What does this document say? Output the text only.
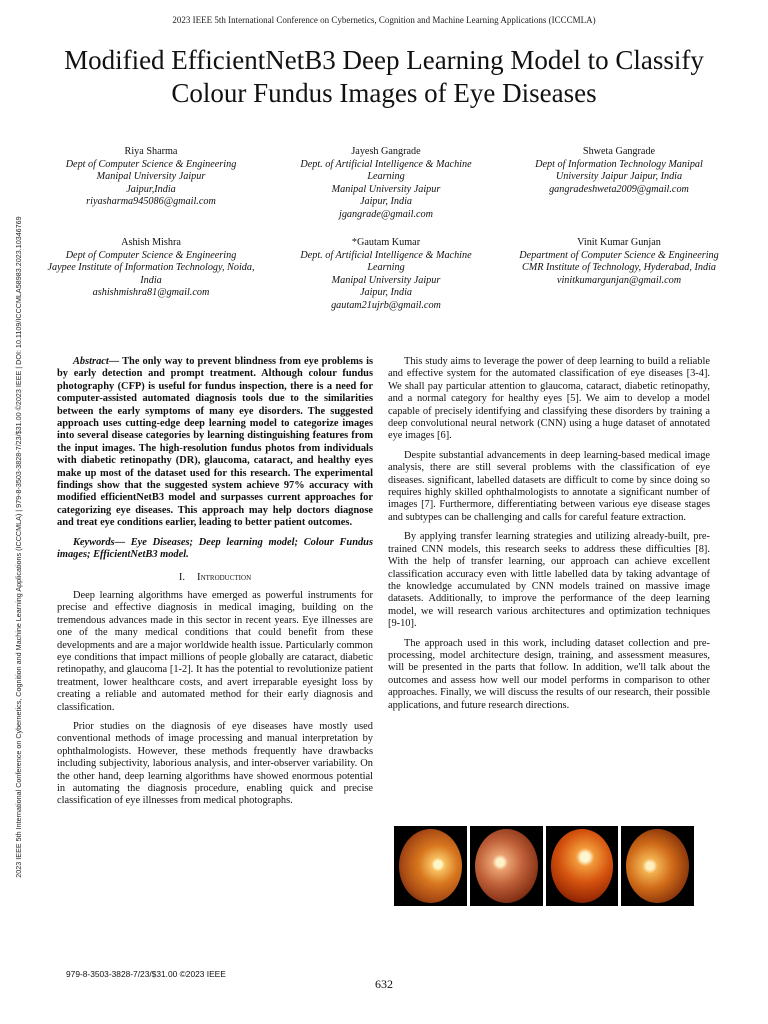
2023 IEEE 5th International Conference on Cybernetics, Cognition and Machine Learning Applications (ICCCMLA)
Modified EfficientNetB3 Deep Learning Model to Classify Colour Fundus Images of Eye Diseases
2023 IEEE 5th International Conference on Cybernetics, Cognition and Machine Learning Applications (ICCCMLA) | 979-8-3503-3828-7/23/$31.00 ©2023 IEEE | DOI: 10.1109/ICCCMLA58983.2023.10346769
Riya Sharma
Dept of Computer Science & Engineering
Manipal University Jaipur
Jaipur,India
riyasharma945086@gmail.com
Jayesh Gangrade
Dept. of Artificial Intelligence & Machine Learning
Manipal University Jaipur
Jaipur, India
jgangrade@gmail.com
Shweta Gangrade
Dept of Information Technology Manipal University Jaipur Jaipur, India
gangradeshweta2009@gmail.com
Ashish Mishra
Dept of Computer Science & Engineering
Jaypee Institute of Information Technology, Noida, India
ashishmishra81@gmail.com
*Gautam Kumar
Dept. of Artificial Intelligence & Machine Learning
Manipal University Jaipur
Jaipur, India
gautam21ujrb@gmail.com
Vinit Kumar Gunjan
Department of Computer Science & Engineering
CMR Institute of Technology, Hyderabad, India vinitkumargunjan@gmail.com

Abstract— The only way to prevent blindness from eye problems is by early detection and prompt treatment. Although colour fundus photography (CFP) is useful for fundus inspection, there is a need for computer-assisted automated diagnosis tools due to the similarities between the early symptoms of many eye disorders. The suggested approach uses cutting-edge deep learning model to categorize images into several disease categories by learning distinguishing features from the input images. The high-resolution fundus photos from individuals with diabetic retinopathy (DR), glaucoma, cataract, and healthy eyes make up most of the dataset used for this research. The experimental findings show that the suggested system achieve 97% accuracy with modified efficientNetB3 model and surpasses current approaches for categorizing eye diseases. This approach may help doctors diagnose and treat eye conditions earlier, leading to better patient outcomes.

Keywords— Eye Diseases; Deep learning model; Colour Fundus images; EfficientNetB3 model.

I. Introduction

Deep learning algorithms have emerged as powerful instruments for precise and effective diagnosis in medical imaging, building on the tremendous advances made in this sector in recent years. Eye illnesses are one of the many medical conditions that could benefit from these developments and are a major worldwide health issue. Particularly common eye conditions that impact millions of people globally are cataract, diabetic retinopathy, and glaucoma [1-2]. It has the potential to revolutionize patient treatment, lower healthcare costs, and avert irreparable eyesight loss by creating a reliable and automated method for their early diagnosis and classification.

Prior studies on the diagnosis of eye diseases have mostly used conventional methods of image processing and manual interpretation by ophthalmologists. However, these methods frequently have drawbacks including subjectivity, laborious analysis, and inter-observer variability. On the other hand, deep learning algorithms have showed enormous potential in automating the diagnosis procedure, enabling quick and precise classification of eye illnesses from medical photographs.

This study aims to leverage the power of deep learning to build a reliable and effective system for the automated classification of eye diseases [3-4]. We shall pay particular attention to glaucoma, cataract, diabetic retinopathy, and a normal category for healthy eyes [5]. We aim to develop a model capable of precisely identifying and classifying these disorders by training a deep convolutional neural network (CNN) using a huge dataset of annotated eye images [6].

Despite substantial advancements in deep learning-based medical image analysis, there are still several problems with the classification of eye diseases. significant, labelled datasets are difficult to come by since doing so requires highly skilled ophthalmologists to annotate a significant number of images [7]. Furthermore, differentiating between various eye disease stages and subtypes can be challenging and calls for careful feature extraction.

By applying transfer learning strategies and utilizing already-built, pre-trained CNN models, this research seeks to address these difficulties [8]. With the help of transfer learning, our approach can achieve excellent classification accuracy even with little labelled data by taking advantage of the knowledge accumulated by CNN models trained on massive image datasets. Additionally, to improve the performance of the deep learning model, we will research various architectures and optimization techniques [9-10].

The approach used in this work, including dataset collection and pre-processing, model architecture design, training, and assessment measures, will be presented in the parts that follow. In addition, we'll talk about the outcomes and assess how well our model performs in comparison to other approaches. Finally, we will discuss the results of our research, their possible applications, and future research directions.

979-8-3503-3828-7/23/$31.00 ©2023 IEEE
632
